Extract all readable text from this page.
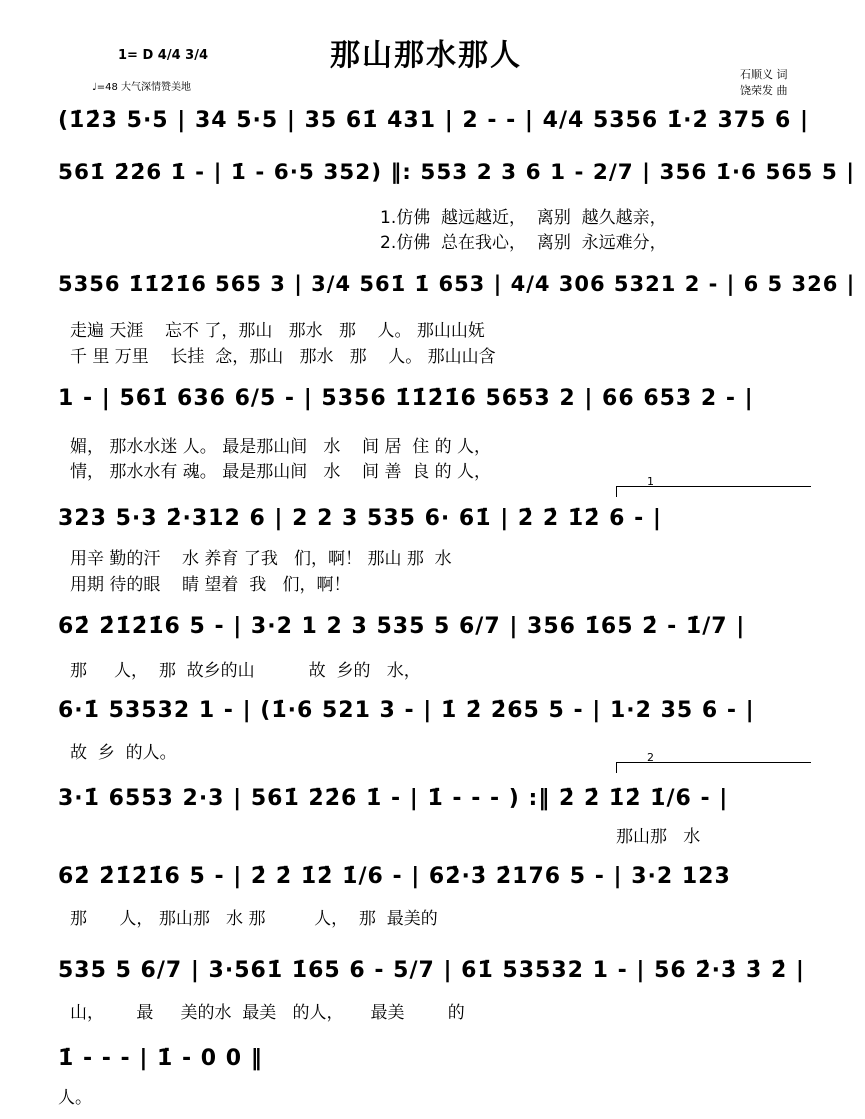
那山那水那人
1= D 4/4 3/4
♩=48 大气深情赞美地
石顺义 词
饶荣发 曲
(1̇2̇3 5·5 | 34 5·5 | 35 61̇ 431 | 2 - - | 4/4 5356 1̇·2̇ 375 6 |
561̇ 2̇2̇6 1̇ - | 1̇ - 6·5 352) ‖: 553 2 3 6 1 - 2/7 | 356 1̇·6 565 5 |
1.仿佛  越远越近，  离别  越久越亲，
2.仿佛  总在我心，  离别  永远难分，
5356 1̇1̇2̇1̇6 565 3 | 3/4 561̇ 1̇ 653 | 4/4 306 5321 2 - | 6 5 326 |
走遍 天涯    忘不 了，那山   那水   那    人。 那山山妩
千 里 万里    长挂  念，那山   那水   那    人。 那山山含
1 - | 561̇ 636 6/5 - | 5356 1̇1̇2̇1̇6 5653 2 | 66 653 2 - |
媚， 那水水迷 人。 最是那山间   水    间 居  住 的 人，
情， 那水水有 魂。 最是那山间   水    间 善  良 的 人，	1
323 5·3 2̇·312 6 | 2 2 3 535 6· 61̇ | 2̇ 2̇ 1̇2̇ 6 - |
用辛 勤的汗    水 养育 了我   们，啊！ 那山 那  水
用期 待的眼    睛 望着  我   们，啊！
62̇ 2̇1̇2̇1̇6 5 - | 3·2 1 2 3 535 5 6/7 | 356 1̇65 2̇ - 1̇/7 |
那     人，  那  故乡的山          故  乡的   水，
6·1̇ 53532 1 - | (1̇·6 521 3 - | 1̇ 2̇ 2̇65 5 - | 1·2 35 6 - |
故  乡  的人。	2
3·1̇ 6553 2·3 | 561̇ 2̇2̇6 1̇ - | 1̇ - - - ) :‖ 2̇ 2̇ 1̇2̇ 1̇/6 - |
那山那   水
62̇ 2̇1̇2̇1̇6 5 - | 2̇ 2̇ 1̇2̇ 1̇/6 - | 62̇·3̇ 2̇176 5 - | 3·2 123
那      人， 那山那   水 那         人，  那  最美的
535 5 6/7 | 3·561̇ 1̇65 6 - 5/7 | 61̇ 53532 1 - | 56 2̇·3̇ 3̇ 2̇ |
山，      最     美的水  最美   的人，     最美        的
1̇ - - - | 1̇ - 0 0 ‖
人。
